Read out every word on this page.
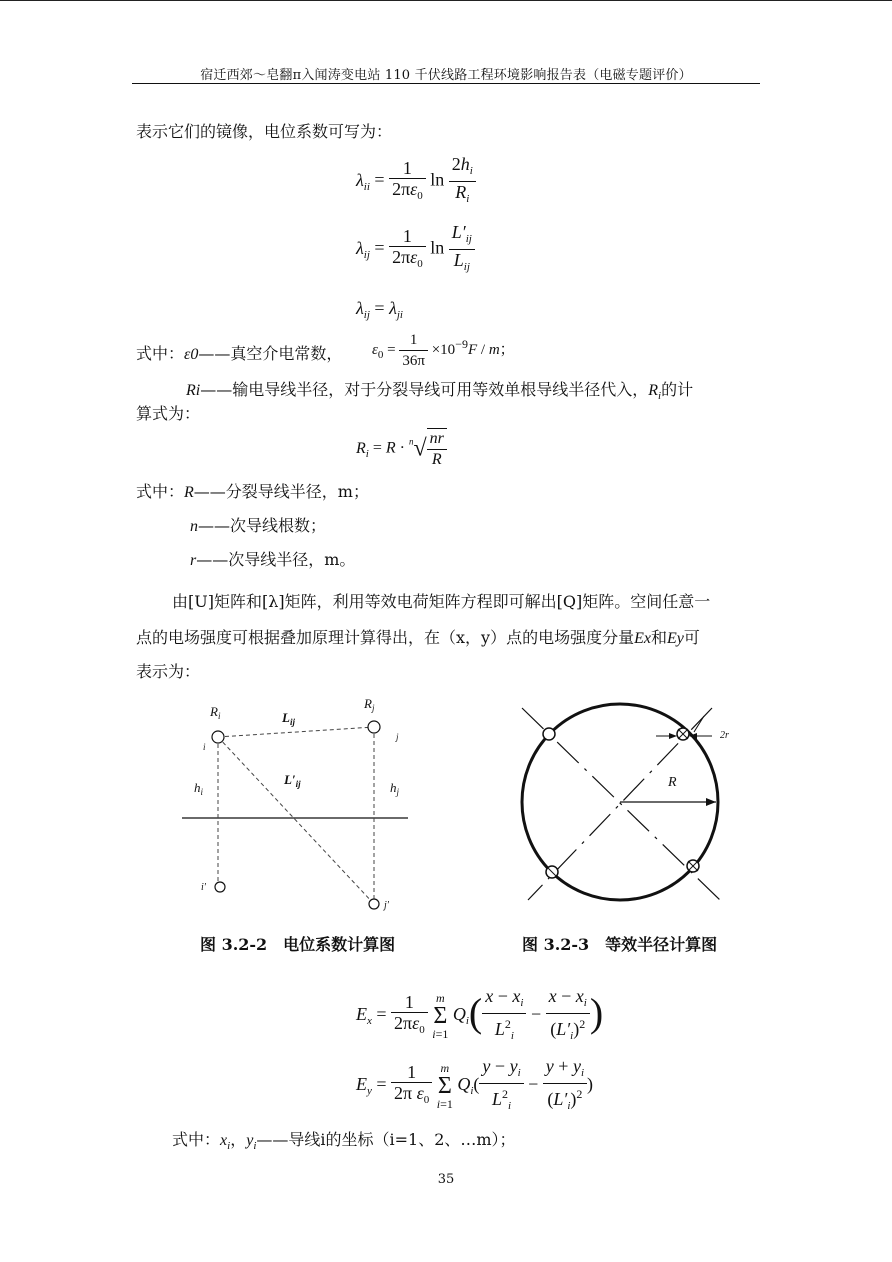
宿迁西郊～皂翻π入闻涛变电站 110 千伏线路工程环境影响报告表（电磁专题评价）
表示它们的镜像，电位系数可写为：
$\lambda_{ii} = \frac{1}{2\pi\varepsilon_0}$ $\ln \frac{2h_i}{R_i}$
$\lambda_{ij} = \frac{1}{2\pi\varepsilon_0}$ $\ln \frac{L'_{ij}}{L_{ij}}$
$\lambda_{ij} = \lambda_{ji}$
式中：ε0——真空介电常数， $\varepsilon_0 = \frac{1}{36\pi} \times 10^{-9}F / m$；
Ri——输电导线半径，对于分裂导线可用等效单根导线半径代入，$R_i$的计
算式为：
$R_i = R \cdot ^n√ \frac{nr}{R}$
式中：R——分裂导线半径，m；
n——次导线根数；
r——次导线半径，m。
由[U]矩阵和[λ]矩阵，利用等效电荷矩阵方程即可解出[Q]矩阵。空间任意一
点的电场强度可根据叠加原理计算得出，在（x，y）点的电场强度分量Ex和Ey可
表示为：
$R_i$
$R_j$
$L_{ij}$
$L'_{ij}$
$h_i$	$h_j$
i
j
i′
j′
R
2r
图 3.2-2　电位系数计算图	图 3.2-3　等效半径计算图
$E_x = \frac{1}{2\pi\varepsilon_0}$ m
Σ
i=1 $Q_i( \frac{x - x_i}{L^2_i} - \frac{x - x_i}{(L'_i)^2}$ )
$E_y = \frac{1}{2\pi \varepsilon_0}$ m
Σ
i=1 $Q_i( \frac{y - y_i}{L^2_i} - \frac{y + y_i}{(L'_i)^2}$ )
式中：$x_i$，$y_i——$导线i的坐标（i=1、2、…m）；
35
